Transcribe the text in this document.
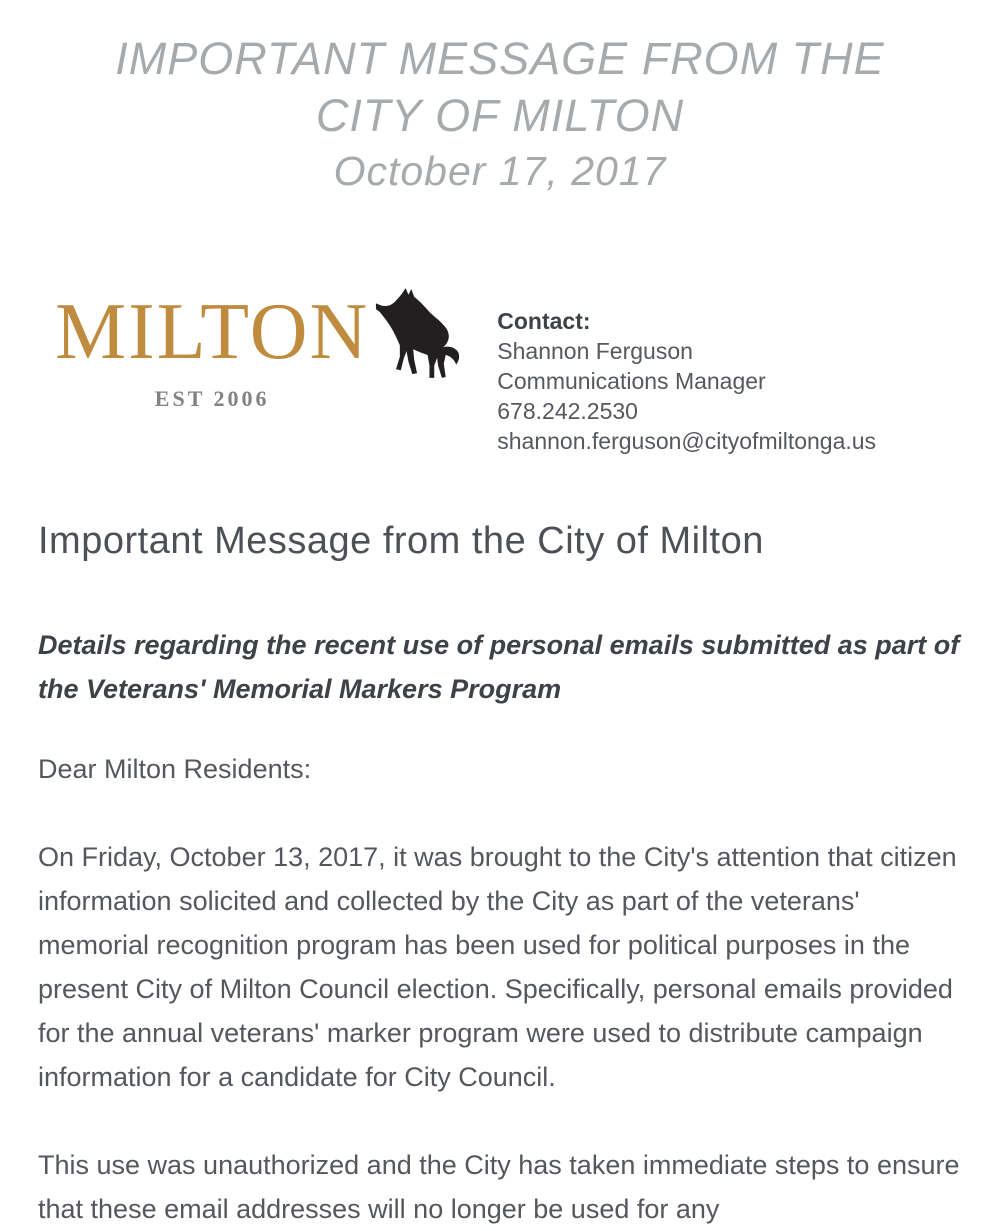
IMPORTANT MESSAGE FROM THE
CITY OF MILTON
October 17, 2017
MILTON
EST 2006
Contact:
Shannon Ferguson
Communications Manager
678.242.2530
shannon.ferguson@cityofmiltonga.us
Important Message from the City of Milton
Details regarding the recent use of personal emails submitted as part of the Veterans' Memorial Markers Program

Dear Milton Residents:

On Friday, October 13, 2017, it was brought to the City's attention that citizen information solicited and collected by the City as part of the veterans' memorial recognition program has been used for political purposes in the present City of Milton Council election. Specifically, personal emails provided for the annual veterans' marker program were used to distribute campaign information for a candidate for City Council.

This use was unauthorized and the City has taken immediate steps to ensure that these email addresses will no longer be used for any
